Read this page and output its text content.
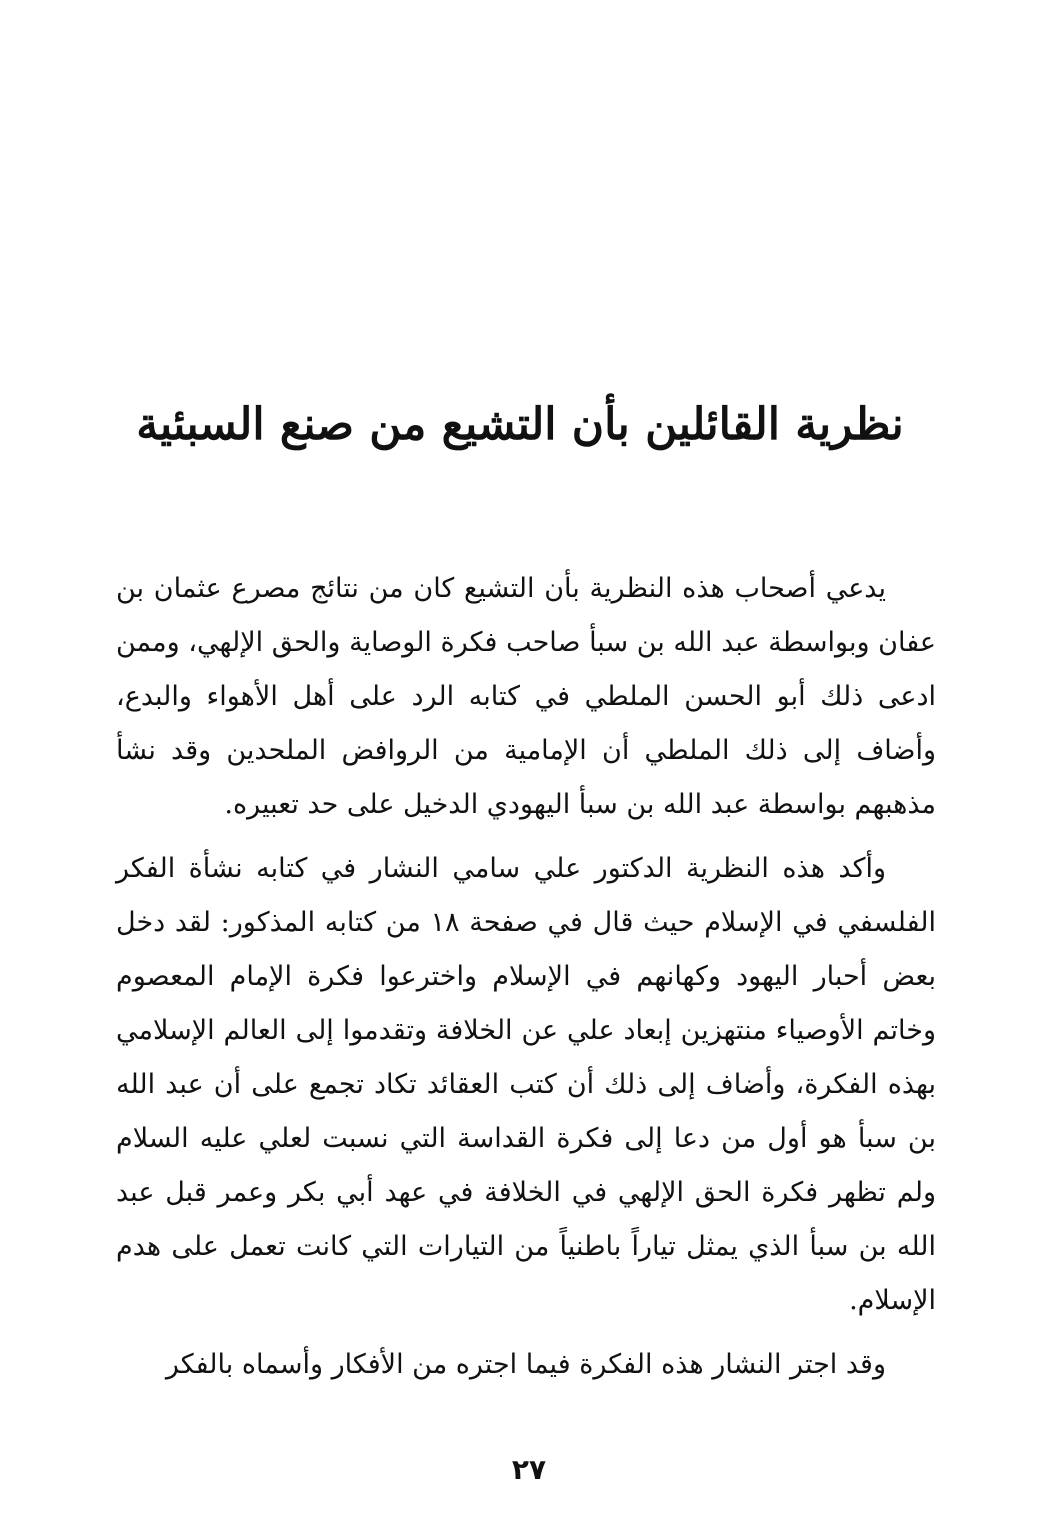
نظرية القائلين بأن التشيع من صنع السبئية

يدعي أصحاب هذه النظرية بأن التشيع كان من نتائج مصرع عثمان بن عفان وبواسطة عبد الله بن سبأ صاحب فكرة الوصاية والحق الإلهي، وممن ادعى ذلك أبو الحسن الملطي في كتابه الرد على أهل الأهواء والبدع، وأضاف إلى ذلك الملطي أن الإمامية من الروافض الملحدين وقد نشأ مذهبهم بواسطة عبد الله بن سبأ اليهودي الدخيل على حد تعبيره.

وأكد هذه النظرية الدكتور علي سامي النشار في كتابه نشأة الفكر الفلسفي في الإسلام حيث قال في صفحة ١٨ من كتابه المذكور: لقد دخل بعض أحبار اليهود وكهانهم في الإسلام واخترعوا فكرة الإمام المعصوم وخاتم الأوصياء منتهزين إبعاد علي عن الخلافة وتقدموا إلى العالم الإسلامي بهذه الفكرة، وأضاف إلى ذلك أن كتب العقائد تكاد تجمع على أن عبد الله بن سبأ هو أول من دعا إلى فكرة القداسة التي نسبت لعلي عليه السلام ولم تظهر فكرة الحق الإلهي في الخلافة في عهد أبي بكر وعمر قبل عبد الله بن سبأ الذي يمثل تياراً باطنياً من التيارات التي كانت تعمل على هدم الإسلام.

وقد اجتر النشار هذه الفكرة فيما اجتره من الأفكار وأسماه بالفكر

٢٧
